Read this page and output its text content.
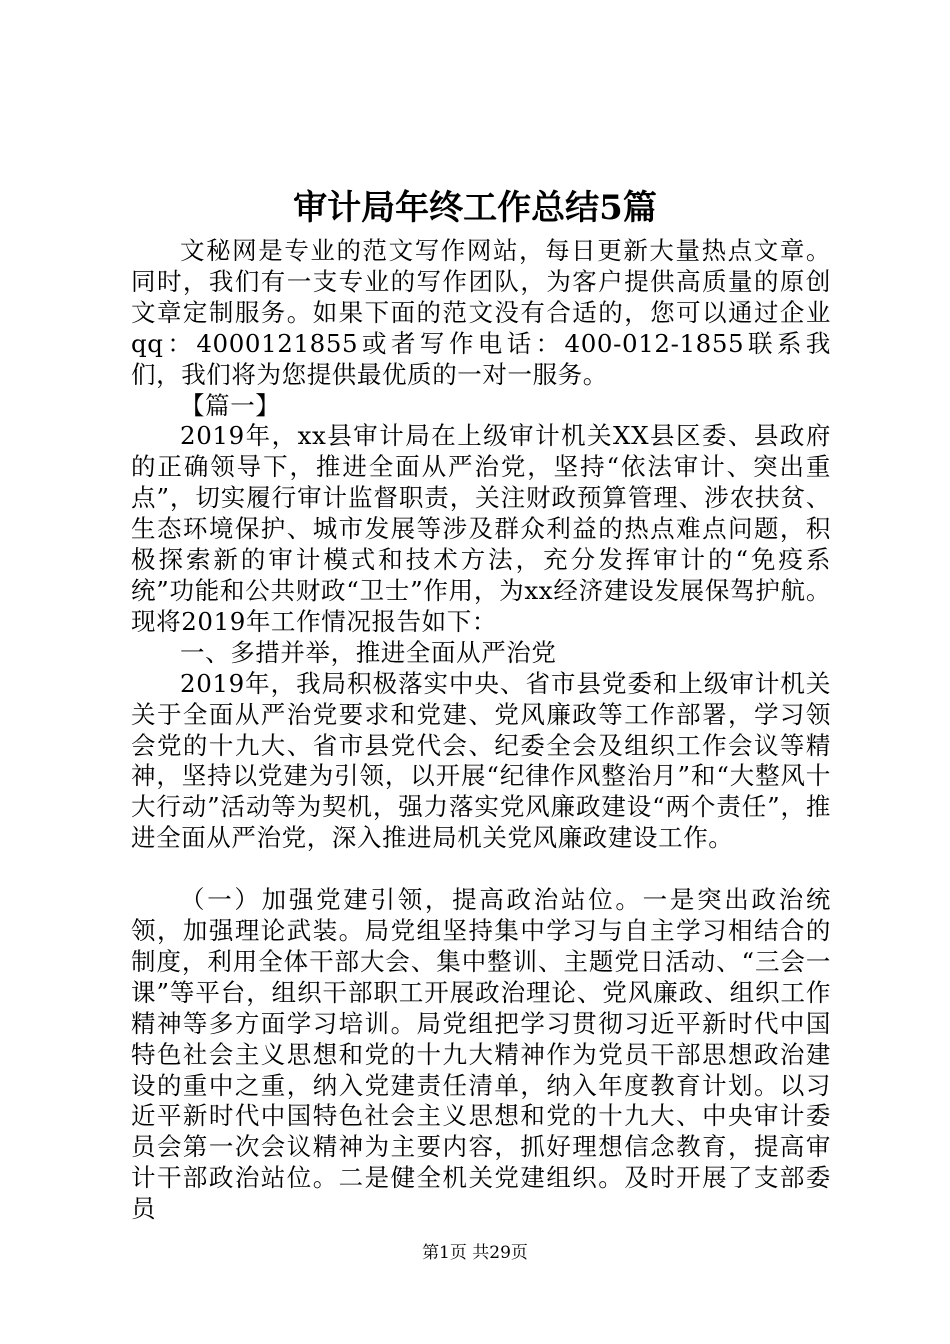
审计局年终工作总结5篇

文秘网是专业的范文写作网站，每日更新大量热点文章。同时，我们有一支专业的写作团队，为客户提供高质量的原创文章定制服务。如果下面的范文没有合适的，您可以通过企业qq：4000121855或者写作电话：400-012-1855联系我们，我们将为您提供最优质的一对一服务。

【篇一】

2019年，xx县审计局在上级审计机关XX县区委、县政府的正确领导下，推进全面从严治党，坚持“依法审计、突出重点”，切实履行审计监督职责，关注财政预算管理、涉农扶贫、生态环境保护、城市发展等涉及群众利益的热点难点问题，积极探索新的审计模式和技术方法，充分发挥审计的“免疫系统”功能和公共财政“卫士”作用，为xx经济建设发展保驾护航。现将2019年工作情况报告如下：

一、多措并举，推进全面从严治党

2019年，我局积极落实中央、省市县党委和上级审计机关关于全面从严治党要求和党建、党风廉政等工作部署，学习领会党的十九大、省市县党代会、纪委全会及组织工作会议等精神，坚持以党建为引领，以开展“纪律作风整治月”和“大整风十大行动”活动等为契机，强力落实党风廉政建设“两个责任”，推进全面从严治党，深入推进局机关党风廉政建设工作。

（一）加强党建引领，提高政治站位。一是突出政治统领，加强理论武装。局党组坚持集中学习与自主学习相结合的制度，利用全体干部大会、集中整训、主题党日活动、“三会一课”等平台，组织干部职工开展政治理论、党风廉政、组织工作精神等多方面学习培训。局党组把学习贯彻习近平新时代中国特色社会主义思想和党的十九大精神作为党员干部思想政治建设的重中之重，纳入党建责任清单，纳入年度教育计划。以习近平新时代中国特色社会主义思想和党的十九大、中央审计委员会第一次会议精神为主要内容，抓好理想信念教育，提高审计干部政治站位。二是健全机关党建组织。及时开展了支部委员

第1页 共29页
